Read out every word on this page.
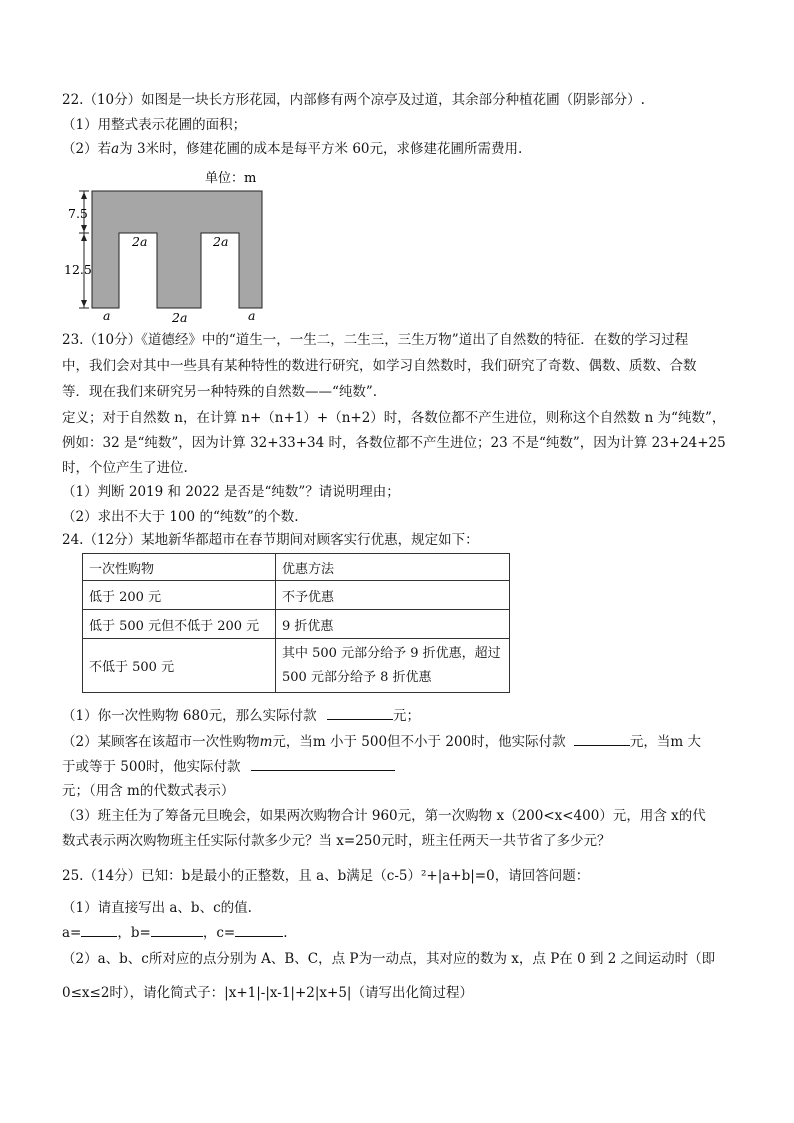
22.（10分）如图是一块长方形花园，内部修有两个凉亭及过道，其余部分种植花圃（阴影部分）.
（1）用整式表示花圃的面积；
（2）若a为 3米时，修建花圃的成本是每平方米 60元，求修建花圃所需费用.
单位：m
7.5
12.5
2a	2a
a	2a	a
23.（10分）《道德经》中的“道生一，一生二，二生三，三生万物”道出了自然数的特征．在数的学习过程
中，我们会对其中一些具有某种特性的数进行研究，如学习自然数时，我们研究了奇数、偶数、质数、合数
等．现在我们来研究另一种特殊的自然数——“纯数”.
定义；对于自然数 n，在计算 n+（n+1）+（n+2）时，各数位都不产生进位，则称这个自然数 n 为“纯数”，
例如：32 是“纯数”，因为计算 32+33+34 时，各数位都不产生进位；23 不是“纯数”，因为计算 23+24+25
时，个位产生了进位.
（1）判断 2019 和 2022 是否是“纯数”？请说明理由；
（2）求出不大于 100 的“纯数”的个数.
24.（12分）某地新华都超市在春节期间对顾客实行优惠，规定如下：
一次性购物	优惠方法
低于 200 元	不予优惠
低于 500 元但不低于 200 元	9 折优惠
不低于 500 元	其中 500 元部分给予 9 折优惠，超过
500 元部分给予 8 折优惠
（1）你一次性购物 680元，那么实际付款	元；
（2）某顾客在该超市一次性购物m元，当m 小于 500但不小于 200时，他实际付款	元，当m 大
于或等于 500时，他实际付款
元；（用含 m的代数式表示）
（3）班主任为了筹备元旦晚会，如果两次购物合计 960元，第一次购物 x（200<x<400）元，用含 x的代
数式表示两次购物班主任实际付款多少元？当 x=250元时，班主任两天一共节省了多少元？
25.（14分）已知：b是最小的正整数，且 a、b满足（c-5）²+|a+b|=0，请回答问题：
（1）请直接写出 a、b、c的值.
a=	，b=	，c=	.
（2）a、b、c所对应的点分别为 A、B、C，点 P为一动点，其对应的数为 x，点 P在 0 到 2 之间运动时（即
0≤x≤2时），请化简式子：|x+1|-|x-1|+2|x+5|（请写出化简过程）
